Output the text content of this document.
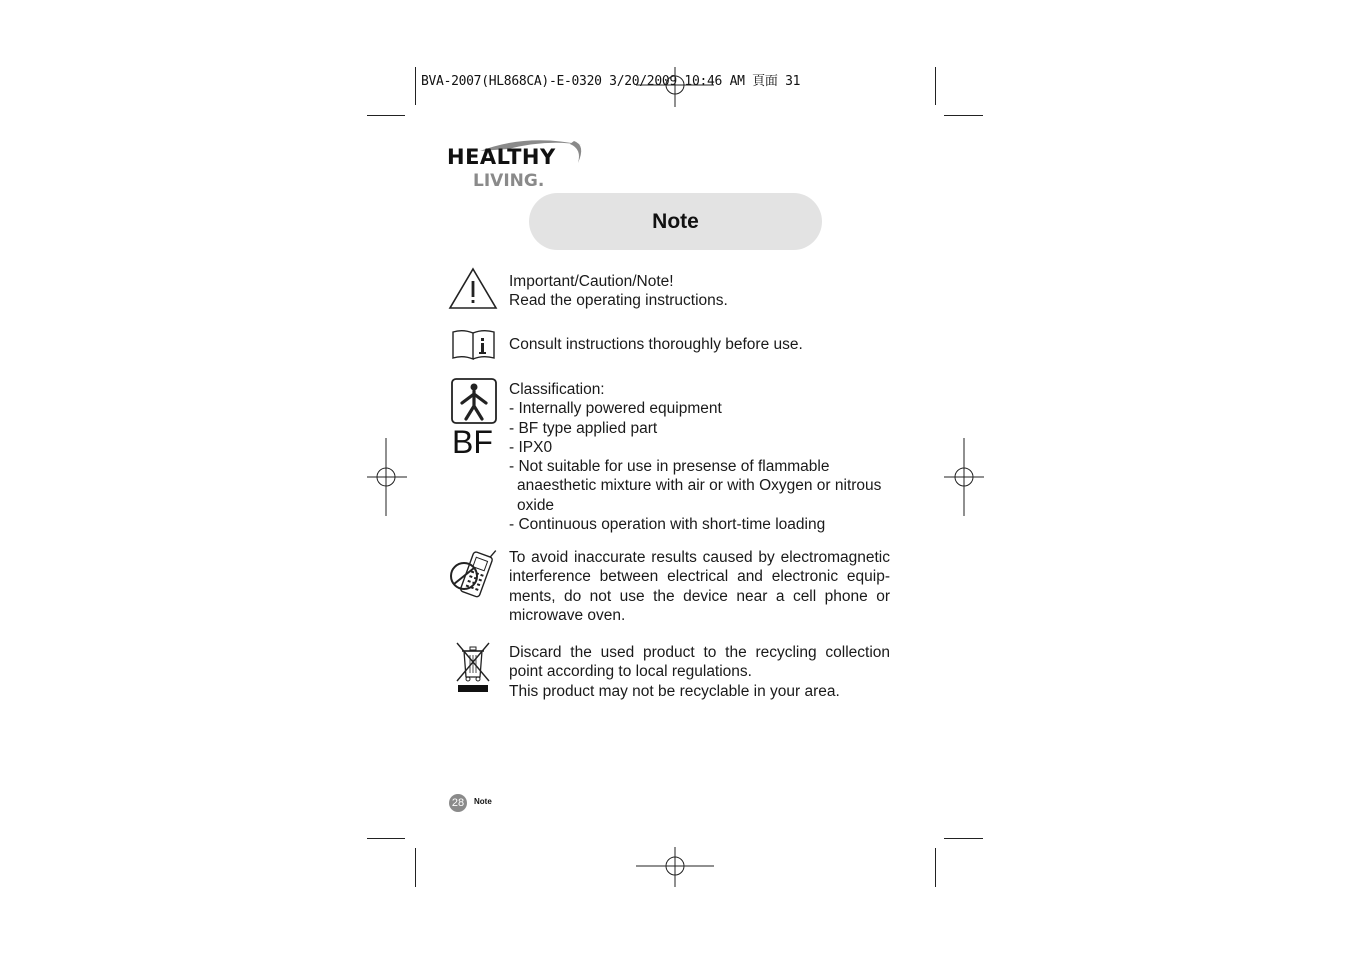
BVA-2007(HL868CA)-E-0320 3/20/2009 10:46 AM 頁面 31
HEALTHY
LIVING.
Note

Important/Caution/Note!

Read the operating instructions.

Consult instructions thoroughly before use.

BF

Classification:

- Internally powered equipment

- BF type applied part

- IPX0

- Not suitable for use in presense of flammable

anaesthetic mixture with air or with Oxygen or nitrous

oxide

- Continuous operation with short-time loading

To avoid inaccurate results caused by electromagnetic interference between electrical and electronic equip-ments, do not use the device near a cell phone or microwave oven.

Discard the used product to the recycling collection point according to local regulations.

This product may not be recyclable in your area.

28	Note
